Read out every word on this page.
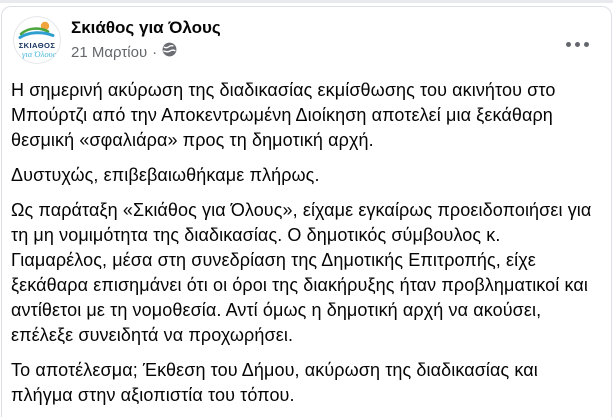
ΣΚΙΑΘΟΣ
για Όλους
Σκιάθος για Όλους
21 Μαρτίου ·

Η σημερινή ακύρωση της διαδικασίας εκμίσθωσης του ακινήτου στο Μπούρτζι από την Αποκεντρωμένη Διοίκηση αποτελεί μια ξεκάθαρη θεσμική «σφαλιάρα» προς τη δημοτική αρχή.

Δυστυχώς, επιβεβαιωθήκαμε πλήρως.

Ως παράταξη «Σκιάθος για Όλους», είχαμε εγκαίρως προειδοποιήσει για τη μη νομιμότητα της διαδικασίας. Ο δημοτικός σύμβουλος κ. Γιαμαρέλος, μέσα στη συνεδρίαση της Δημοτικής Επιτροπής, είχε ξεκάθαρα επισημάνει ότι οι όροι της διακήρυξης ήταν προβληματικοί και αντίθετοι με τη νομοθεσία. Αντί όμως η δημοτική αρχή να ακούσει, επέλεξε συνειδητά να προχωρήσει.

Το αποτέλεσμα; Έκθεση του Δήμου, ακύρωση της διαδικασίας και πλήγμα στην αξιοπιστία του τόπου.
